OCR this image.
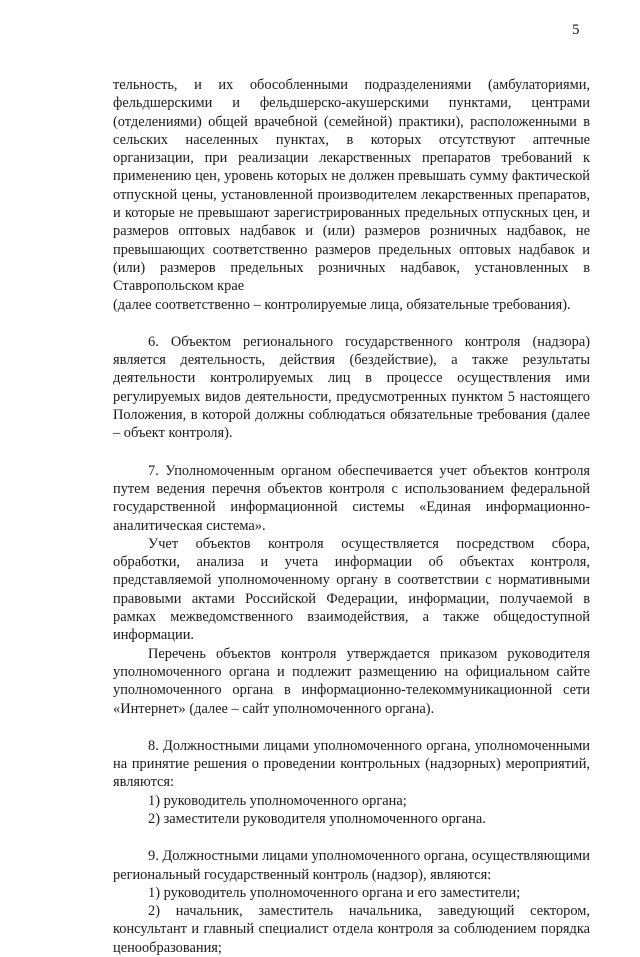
5

тельность, и их обособленными подразделениями (амбулаториями, фельдшерскими и фельдшерско-акушерскими пунктами, центрами (отделениями) общей врачебной (семейной) практики), расположенными в сельских населенных пунктах, в которых отсутствуют аптечные организации, при реализации лекарственных препаратов требований к применению цен, уровень которых не должен превышать сумму фактической отпускной цены, установленной производителем лекарственных препаратов, и которые не превышают зарегистрированных предельных отпускных цен, и размеров оптовых надбавок и (или) размеров розничных надбавок, не превышающих соответственно размеров предельных оптовых надбавок и (или) размеров предельных розничных надбавок, установленных в Ставропольском крае

(далее соответственно – контролируемые лица, обязательные требования).

6. Объектом регионального государственного контроля (надзора) является деятельность, действия (бездействие), а также результаты деятельности контролируемых лиц в процессе осуществления ими регулируемых видов деятельности, предусмотренных пунктом 5 настоящего Положения, в которой должны соблюдаться обязательные требования (далее – объект контроля).

7. Уполномоченным органом обеспечивается учет объектов контроля путем ведения перечня объектов контроля с использованием федеральной государственной информационной системы «Единая информационно-аналитическая система».

Учет объектов контроля осуществляется посредством сбора, обработки, анализа и учета информации об объектах контроля, представляемой уполномоченному органу в соответствии с нормативными правовыми актами Российской Федерации, информации, получаемой в рамках межведомственного взаимодействия, а также общедоступной информации.

Перечень объектов контроля утверждается приказом руководителя уполномоченного органа и подлежит размещению на официальном сайте уполномоченного органа в информационно-телекоммуникационной сети «Интернет» (далее – сайт уполномоченного органа).

8. Должностными лицами уполномоченного органа, уполномоченными на принятие решения о проведении контрольных (надзорных) мероприятий, являются:

1) руководитель уполномоченного органа;

2) заместители руководителя уполномоченного органа.

9. Должностными лицами уполномоченного органа, осуществляющими региональный государственный контроль (надзор), являются:

1) руководитель уполномоченного органа и его заместители;

2) начальник, заместитель начальника, заведующий сектором, консультант и главный специалист отдела контроля за соблюдением порядка ценообразования;
